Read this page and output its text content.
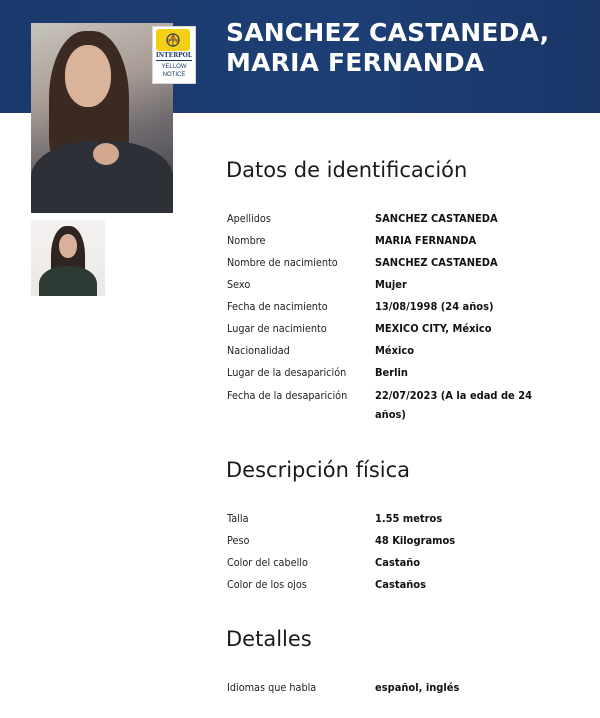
SANCHEZ CASTANEDA, MARIA FERNANDA
INTERPOL
YELLOW
NOTICE
Datos de identificación
Apellidos	SANCHEZ CASTANEDA
Nombre	MARIA FERNANDA
Nombre de nacimiento	SANCHEZ CASTANEDA
Sexo	Mujer
Fecha de nacimiento	13/08/1998 (24 años)
Lugar de nacimiento	MEXICO CITY, México
Nacionalidad	México
Lugar de la desaparición	Berlin
Fecha de la desaparición	22/07/2023 (A la edad de 24
años)
Descripción física
Talla	1.55 metros
Peso	48 Kilogramos
Color del cabello	Castaño
Color de los ojos	Castaños
Detalles
Idiomas que habla	español, inglés
